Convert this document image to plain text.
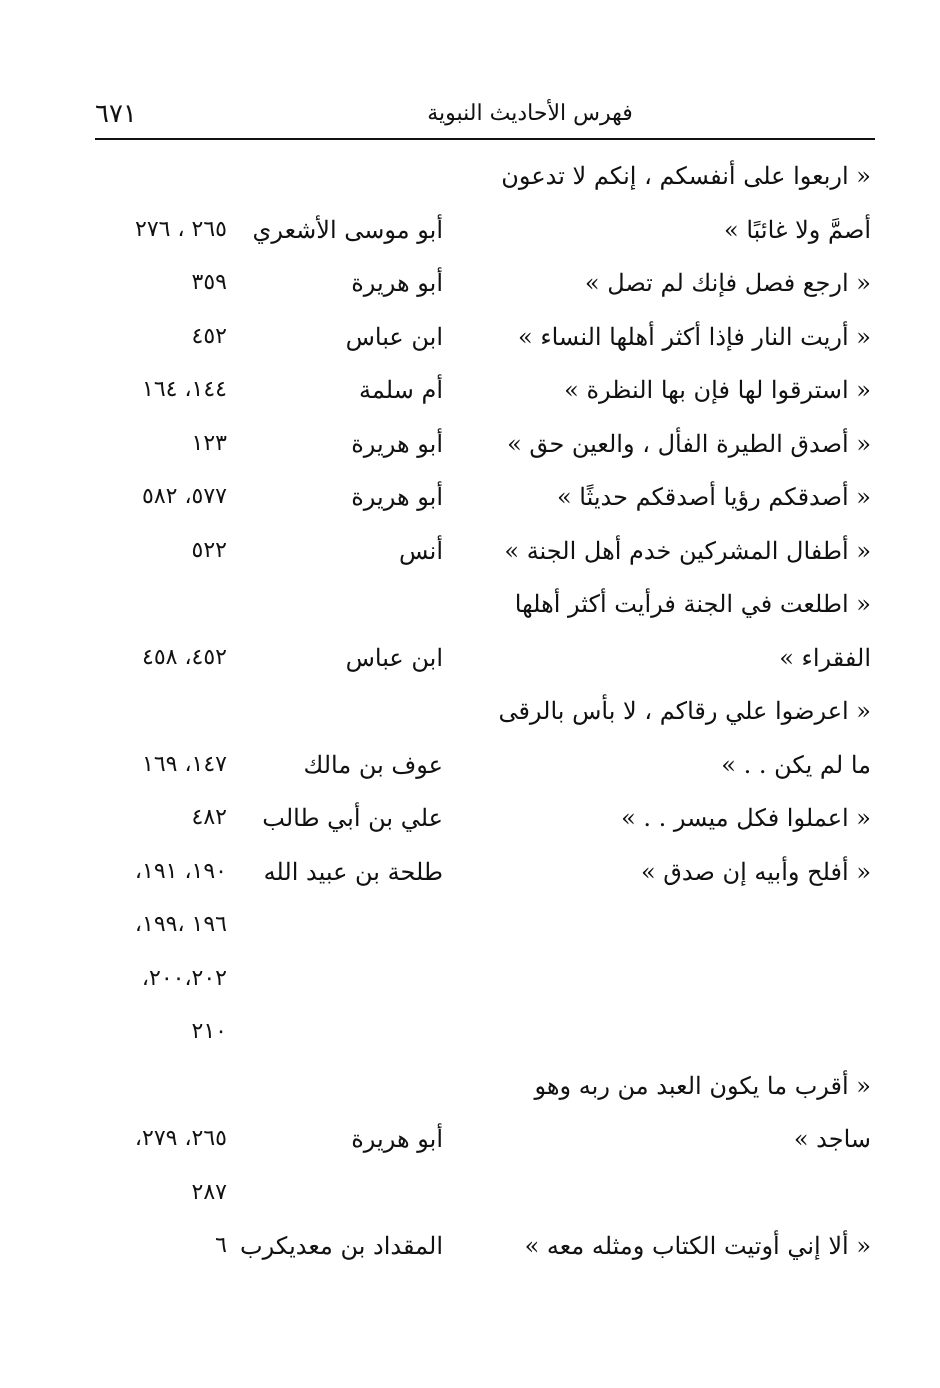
٦٧١	فهرس الأحاديث النبوية
« اربعوا على أنفسكم ، إنكم لا تدعون
أصمَّ ولا غائبًا »
أبو موسى الأشعري
٢٦٥ ، ٢٧٦
« ارجع فصل فإنك لم تصل »
أبو هريرة
٣٥٩
« أريت النار فإذا أكثر أهلها النساء »
ابن عباس
٤٥٢
« استرقوا لها فإن بها النظرة »
أم سلمة
١٤٤، ١٦٤
« أصدق الطيرة الفأل ، والعين حق »
أبو هريرة
١٢٣
« أصدقكم رؤيا أصدقكم حديثًا »
أبو هريرة
٥٧٧، ٥٨٢
« أطفال المشركين خدم أهل الجنة »
أنس
٥٢٢
« اطلعت في الجنة فرأيت أكثر أهلها
الفقراء »
ابن عباس
٤٥٢، ٤٥٨
« اعرضوا علي رقاكم ، لا بأس بالرقى
ما لم يكن . . »
عوف بن مالك
١٤٧، ١٦٩
« اعملوا فكل ميسر . . »
علي بن أبي طالب
٤٨٢
« أفلح وأبيه إن صدق »
طلحة بن عبيد الله
١٩٠، ١٩١،
١٩٦ ،١٩٩،
٢٠٠،٢٠٢،
٢١٠
« أقرب ما يكون العبد من ربه وهو
ساجد »
أبو هريرة
٢٦٥، ٢٧٩،
٢٨٧
« ألا إني أوتيت الكتاب ومثله معه »
المقداد بن معديكرب
٦
